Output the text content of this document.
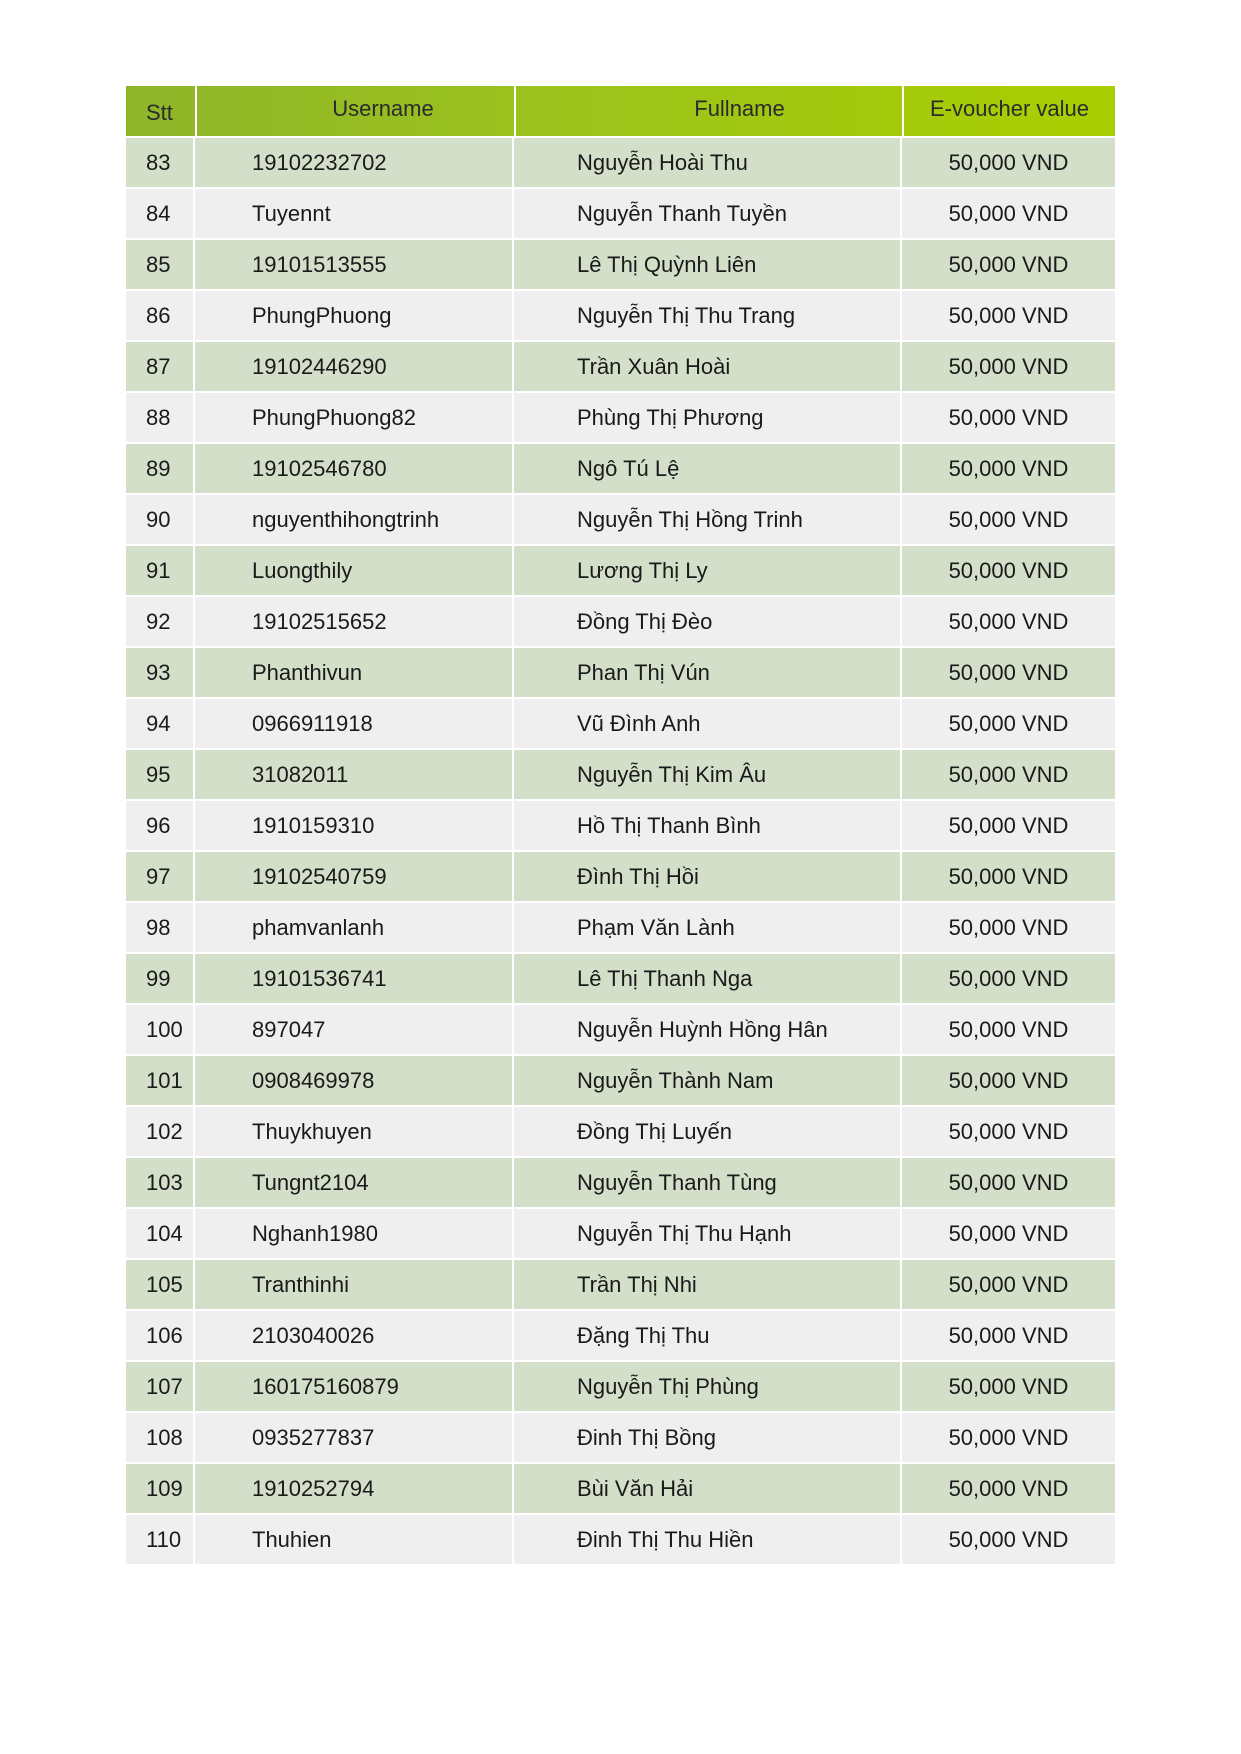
Stt	Username	Fullname	E-voucher value
83	19102232702	Nguyễn Hoài Thu	50,000 VND
84	Tuyennt	Nguyễn Thanh Tuyền	50,000 VND
85	19101513555	Lê Thị Quỳnh Liên	50,000 VND
86	PhungPhuong	Nguyễn Thị Thu Trang	50,000 VND
87	19102446290	Trần Xuân Hoài	50,000 VND
88	PhungPhuong82	Phùng Thị Phương	50,000 VND
89	19102546780	Ngô Tú Lệ	50,000 VND
90	nguyenthihongtrinh	Nguyễn Thị Hồng Trinh	50,000 VND
91	Luongthily	Lương Thị Ly	50,000 VND
92	19102515652	Đồng Thị Đèo	50,000 VND
93	Phanthivun	Phan Thị Vún	50,000 VND
94	0966911918	Vũ Đình Anh	50,000 VND
95	31082011	Nguyễn Thị Kim Âu	50,000 VND
96	1910159310	Hồ Thị Thanh Bình	50,000 VND
97	19102540759	Đình Thị Hồi	50,000 VND
98	phamvanlanh	Phạm Văn Lành	50,000 VND
99	19101536741	Lê Thị Thanh Nga	50,000 VND
100	897047	Nguyễn Huỳnh Hồng Hân	50,000 VND
101	0908469978	Nguyễn Thành Nam	50,000 VND
102	Thuykhuyen	Đồng Thị Luyến	50,000 VND
103	Tungnt2104	Nguyễn Thanh Tùng	50,000 VND
104	Nghanh1980	Nguyễn Thị Thu Hạnh	50,000 VND
105	Tranthinhi	Trần Thị Nhi	50,000 VND
106	2103040026	Đặng Thị Thu	50,000 VND
107	160175160879	Nguyễn Thị Phùng	50,000 VND
108	0935277837	Đinh Thị Bồng	50,000 VND
109	1910252794	Bùi Văn Hải	50,000 VND
110	Thuhien	Đinh Thị Thu Hiền	50,000 VND
